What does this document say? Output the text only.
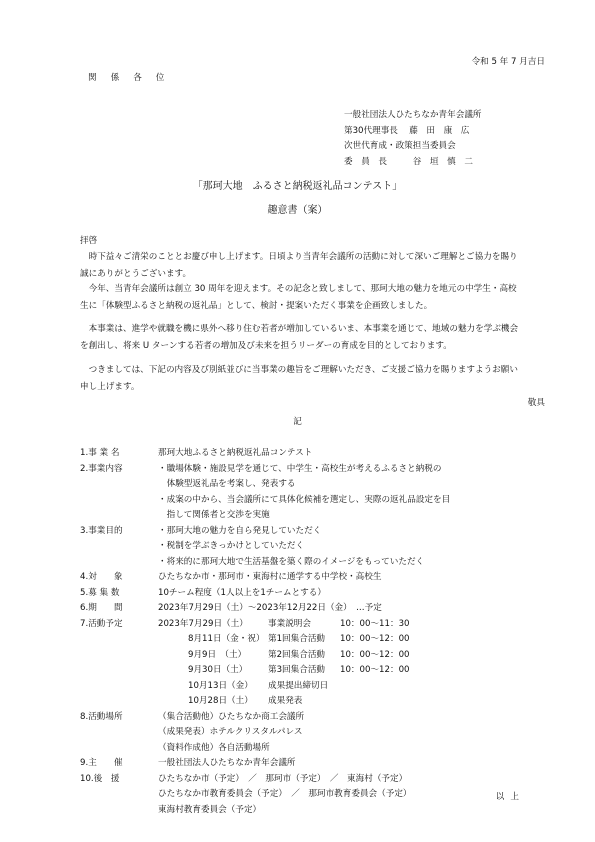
令和 5 年 7 月吉日
関係各位
一般社団法人ひたちなか青年会議所
第30代理事長　 藤　田　康　広
次世代育成・政策担当委員会
委　員　長　　　谷　垣　慎　二
「那珂大地　ふるさと納税返礼品コンテスト」
趣意書（案）
拝啓
　時下益々ご清栄のこととお慶び申し上げます。日頃より当青年会議所の活動に対して深いご理解とご協力を賜り誠にありがとうございます。
　今年、当青年会議所は創立 30 周年を迎えます。その記念と致しまして、那珂大地の魅力を地元の中学生・高校生に「体験型ふるさと納税の返礼品」として、検討・提案いただく事業を企画致しました。
　本事業は、進学や就職を機に県外へ移り住む若者が増加しているいま、本事業を通じて、地域の魅力を学ぶ機会を創出し、将来 U ターンする若者の増加及び未来を担うリーダーの育成を目的としております。
　つきましては、下記の内容及び別紙並びに当事業の趣旨をご理解いただき、ご支援ご協力を賜りますようお願い申し上げます。
敬具
記
1.事 業 名	那珂大地ふるさと納税返礼品コンテスト
2.事業内容	・職場体験・施設見学を通じて、中学生・高校生が考えるふるさと納税の
　体験型返礼品を考案し、発表する
・成案の中から、当会議所にて具体化候補を選定し、実際の返礼品設定を目
　指して関係者と交渉を実施
3.事業目的	・那珂大地の魅力を自ら発見していただく
・税制を学ぶきっかけとしていただく
・将来的に那珂大地で生活基盤を築く際のイメージをもっていただく
4.対　　象	ひたちなか市・那珂市・東海村に通学する中学校・高校生
5.募 集 数	10チーム程度（1人以上を1チームとする）
6.期　　間	2023年7月29日（土）～2023年12月22日（金）　…予定
7.活動予定	2023年7月29日（土）	事業説明会	10：00～11：30
8月11日（金・祝） 第1回集合活動	10：00～12：00
9月9日　（土）	第2回集合活動	10：00～12：00
9月30日（土）	第3回集合活動	10：00～12：00
10月13日（金）	成果提出締切日
10月28日（土）	成果発表
8.活動場所	（集合活動他）ひたちなか商工会議所
（成果発表）ホテルクリスタルパレス
（資料作成他）各自活動場所
9.主　　催	一般社団法人ひたちなか青年会議所
10.後　援	ひたちなか市（予定）　／　那珂市（予定）　／　東海村（予定）
ひたちなか市教育委員会（予定）　／　那珂市教育委員会（予定）
東海村教育委員会（予定）
以上
